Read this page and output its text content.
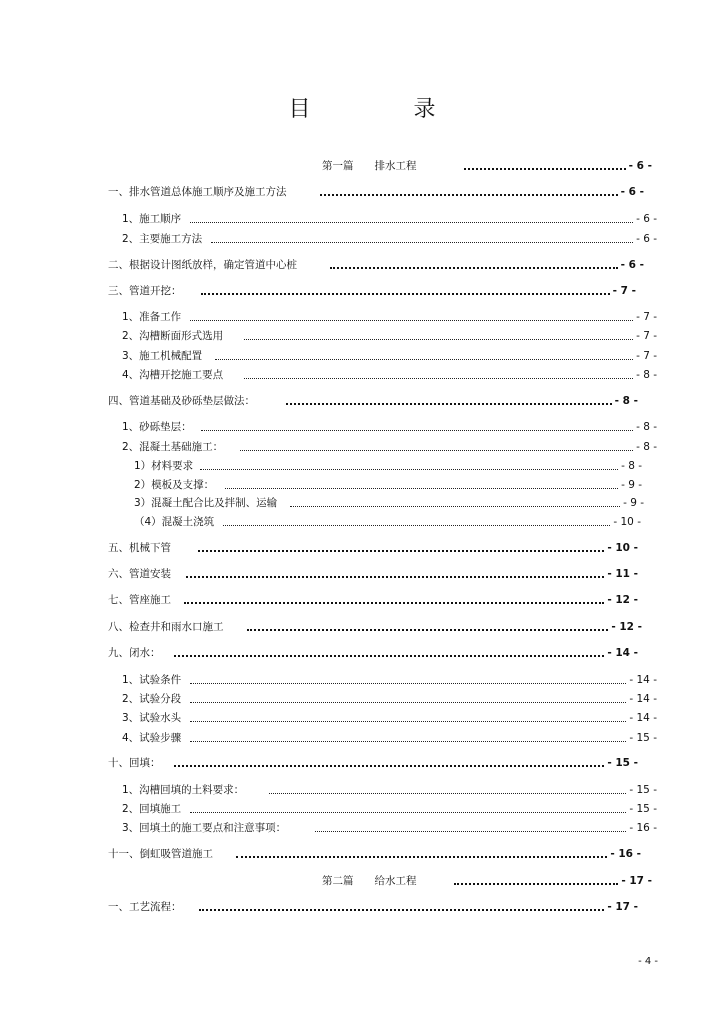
目 录
第一篇　　排水工程	- 6 -
一、排水管道总体施工顺序及施工方法	- 6 -
1、施工顺序	- 6 -
2、主要施工方法	- 6 -
二、根据设计图纸放样，确定管道中心桩	- 6 -
三、管道开挖：	- 7 -
1、准备工作	- 7 -
2、沟槽断面形式选用	- 7 -
3、施工机械配置	- 7 -
4、沟槽开挖施工要点	- 8 -
四、管道基础及砂砾垫层做法：	- 8 -
1、砂砾垫层：	- 8 -
2、混凝土基础施工：	- 8 -
1）材料要求	- 8 -
2）模板及支撑：	- 9 -
3）混凝土配合比及拌制、运输	- 9 -
（4）混凝土浇筑	- 10 -
五、机械下管	- 10 -
六、管道安装	- 11 -
七、管座施工	- 12 -
八、检查井和雨水口施工	- 12 -
九、闭水：	- 14 -
1、试验条件	- 14 -
2、试验分段	- 14 -
3、试验水头	- 14 -
4、试验步骤	- 15 -
十、回填：	- 15 -
1、沟槽回填的土料要求：	- 15 -
2、回填施工	- 15 -
3、回填土的施工要点和注意事项：	- 16 -
十一、倒虹吸管道施工	- 16 -
第二篇　　给水工程	- 17 -
一、工艺流程：	- 17 -
- 4 -
